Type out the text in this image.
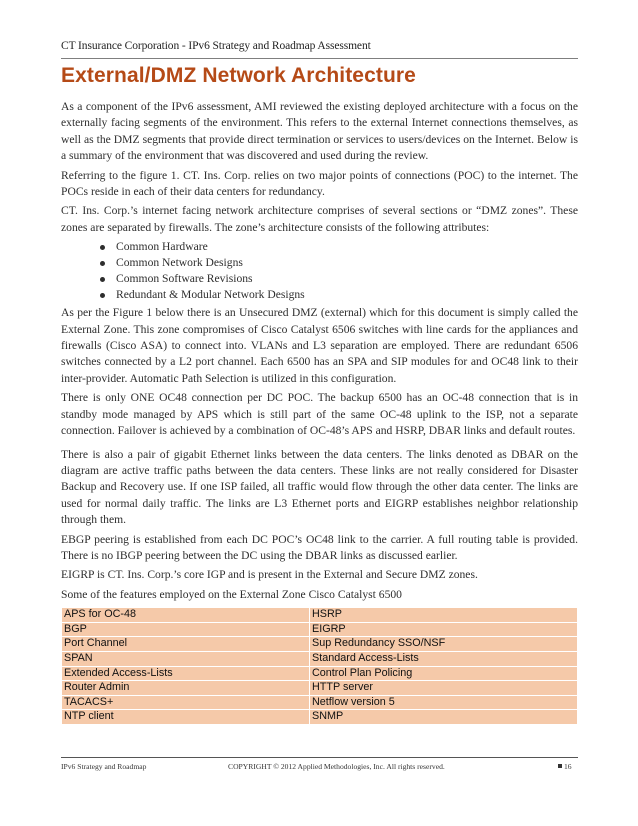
CT Insurance Corporation - IPv6 Strategy and Roadmap Assessment
External/DMZ Network Architecture

As a component of the IPv6 assessment, AMI reviewed the existing deployed architecture with a focus on the externally facing segments of the environment. This refers to the external Internet connections themselves, as well as the DMZ segments that provide direct termination or services to users/devices on the Internet. Below is a summary of the environment that was discovered and used during the review.

Referring to the figure 1. CT. Ins. Corp. relies on two major points of connections (POC) to the internet. The POCs reside in each of their data centers for redundancy.

CT. Ins. Corp.’s internet facing network architecture comprises of several sections or “DMZ zones”. These zones are separated by firewalls. The zone’s architecture consists of the following attributes:

Common Hardware
Common Network Designs
Common Software Revisions
Redundant & Modular Network Designs

As per the Figure 1 below there is an Unsecured DMZ (external) which for this document is simply called the External Zone. This zone compromises of Cisco Catalyst 6506 switches with line cards for the appliances and firewalls (Cisco ASA) to connect into. VLANs and L3 separation are employed. There are redundant 6506 switches connected by a L2 port channel. Each 6500 has an SPA and SIP modules for and OC48 link to their inter-provider. Automatic Path Selection is utilized in this configuration.

There is only ONE OC48 connection per DC POC. The backup 6500 has an OC-48 connection that is in standby mode managed by APS which is still part of the same OC-48 uplink to the ISP, not a separate connection. Failover is achieved by a combination of OC-48’s APS and HSRP, DBAR links and default routes.

There is also a pair of gigabit Ethernet links between the data centers. The links denoted as DBAR on the diagram are active traffic paths between the data centers. These links are not really considered for Disaster Backup and Recovery use. If one ISP failed, all traffic would flow through the other data center. The links are used for normal daily traffic. The links are L3 Ethernet ports and EIGRP establishes neighbor relationship through them.

EBGP peering is established from each DC POC’s OC48 link to the carrier. A full routing table is provided. There is no IBGP peering between the DC using the DBAR links as discussed earlier.

EIGRP is CT. Ins. Corp.’s core IGP and is present in the External and Secure DMZ zones.

Some of the features employed on the External Zone Cisco Catalyst 6500

APS for OC-48	HSRP
BGP	EIGRP
Port Channel	Sup Redundancy SSO/NSF
SPAN	Standard Access-Lists
Extended Access-Lists	Control Plan Policing
Router Admin	HTTP server
TACACS+	Netflow version 5
NTP client	SNMP
IPv6 Strategy and Roadmap	COPYRIGHT © 2012 Applied Methodologies, Inc. All rights reserved.	16
